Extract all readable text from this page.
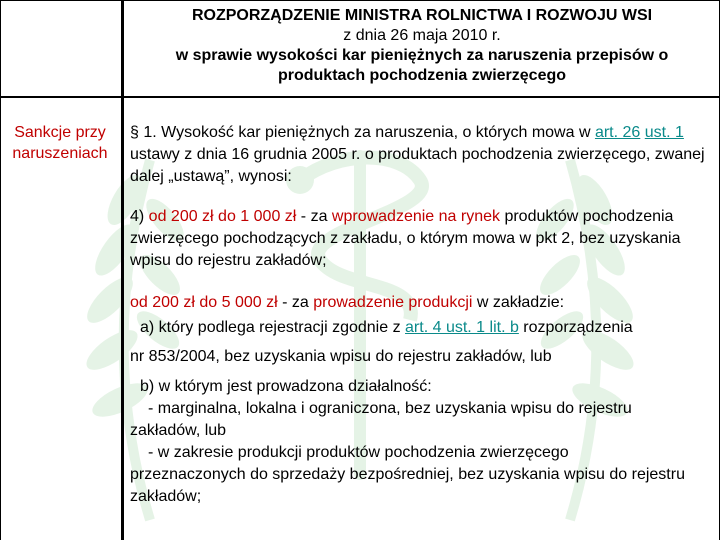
ROZPORZĄDZENIE MINISTRA ROLNICTWA I ROZWOJU WSI
z dnia 26 maja 2010 r.
w sprawie wysokości kar pieniężnych za naruszenia przepisów o
produktach pochodzenia zwierzęcego
Sankcje przy
naruszeniach

§ 1. Wysokość kar pieniężnych za naruszenia, o których mowa w art. 26 ust. 1 ustawy z dnia 16 grudnia 2005 r. o produktach pochodzenia zwierzęcego, zwanej dalej „ustawą”, wynosi:

4) od 200 zł do 1 000 zł - za wprowadzenie na rynek produktów pochodzenia zwierzęcego pochodzących z zakładu, o którym mowa w pkt 2, bez uzyskania wpisu do rejestru zakładów;

od 200 zł do 5 000 zł - za prowadzenie produkcji w zakładzie:

a) który podlega rejestracji zgodnie z art. 4 ust. 1 lit. b rozporządzenia

nr 853/2004, bez uzyskania wpisu do rejestru zakładów, lub

b) w którym jest prowadzona działalność:

- marginalna, lokalna i ograniczona, bez uzyskania wpisu do rejestru

zakładów, lub

- w zakresie produkcji produktów pochodzenia zwierzęcego

przeznaczonych do sprzedaży bezpośredniej, bez uzyskania wpisu do rejestru zakładów;
